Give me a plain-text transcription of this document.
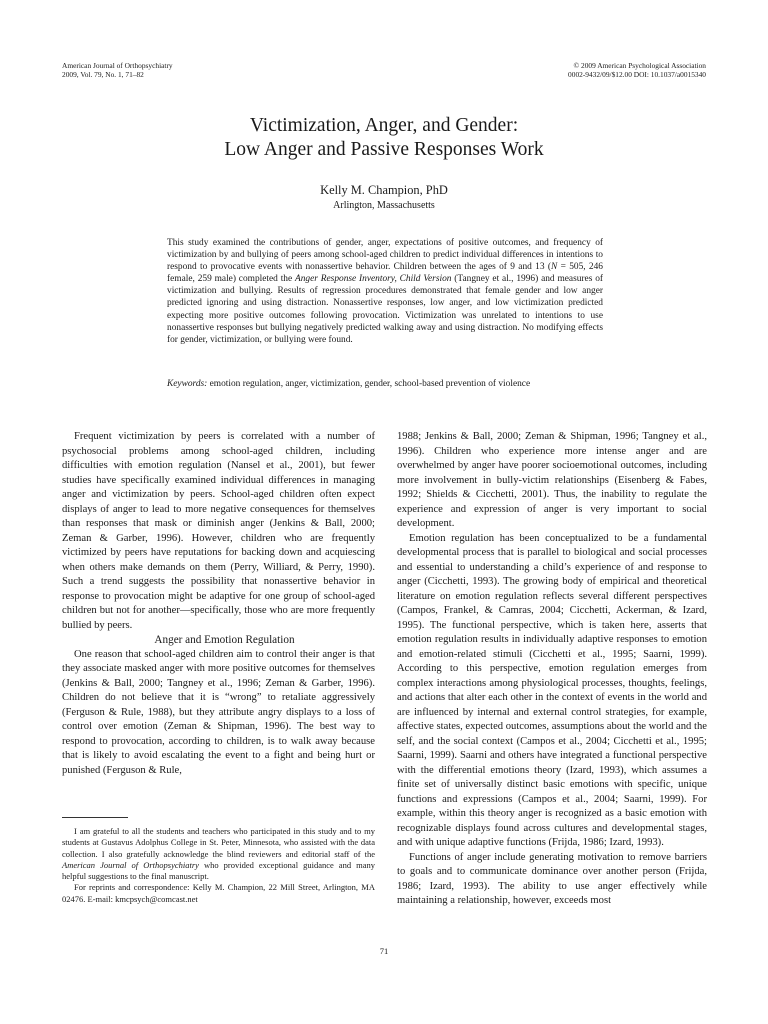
American Journal of Orthopsychiatry
2009, Vol. 79, No. 1, 71–82
© 2009 American Psychological Association
0002-9432/09/$12.00 DOI: 10.1037/a0015340
Victimization, Anger, and Gender:
Low Anger and Passive Responses Work
Kelly M. Champion, PhD
Arlington, Massachusetts
This study examined the contributions of gender, anger, expectations of positive outcomes, and frequency of victimization by and bullying of peers among school-aged children to predict individual differences in intentions to respond to provocative events with nonassertive behavior. Children between the ages of 9 and 13 (N = 505, 246 female, 259 male) completed the Anger Response Inventory, Child Version (Tangney et al., 1996) and measures of victimization and bullying. Results of regression procedures demonstrated that female gender and low anger predicted ignoring and using distraction. Nonassertive responses, low anger, and low victimization predicted expecting more positive outcomes following provocation. Victimization was unrelated to intentions to use nonassertive responses but bullying negatively predicted walking away and using distraction. No modifying effects for gender, victimization, or bullying were found.
Keywords: emotion regulation, anger, victimization, gender, school-based prevention of violence

Frequent victimization by peers is correlated with a number of psychosocial problems among school-aged children, including difficulties with emotion regulation (Nansel et al., 2001), but fewer studies have specifically examined individual differences in managing anger and victimization by peers. School-aged children often expect displays of anger to lead to more negative consequences for themselves than responses that mask or diminish anger (Jenkins & Ball, 2000; Zeman & Garber, 1996). However, children who are frequently victimized by peers have reputations for backing down and acquiescing when others make demands on them (Perry, Williard, & Perry, 1990). Such a trend suggests the possibility that nonassertive behavior in response to provocation might be adaptive for one group of school-aged children but not for another—specifically, those who are more frequently bullied by peers.

Anger and Emotion Regulation

One reason that school-aged children aim to control their anger is that they associate masked anger with more positive outcomes for themselves (Jenkins & Ball, 2000; Tangney et al., 1996; Zeman & Garber, 1996). Children do not believe that it is “wrong” to retaliate aggressively (Ferguson & Rule, 1988), but they attribute angry displays to a loss of control over emotion (Zeman & Shipman, 1996). The best way to respond to provocation, according to children, is to walk away because that is likely to avoid escalating the event to a fight and being hurt or punished (Ferguson & Rule,

1988; Jenkins & Ball, 2000; Zeman & Shipman, 1996; Tangney et al., 1996). Children who experience more intense anger and are overwhelmed by anger have poorer socioemotional outcomes, including more involvement in bully-victim relationships (Eisenberg & Fabes, 1992; Shields & Cicchetti, 2001). Thus, the inability to regulate the experience and expression of anger is very important to social development.

Emotion regulation has been conceptualized to be a fundamental developmental process that is parallel to biological and social processes and essential to understanding a child’s experience of and response to anger (Cicchetti, 1993). The growing body of empirical and theoretical literature on emotion regulation reflects several different perspectives (Campos, Frankel, & Camras, 2004; Cicchetti, Ackerman, & Izard, 1995). The functional perspective, which is taken here, asserts that emotion regulation results in individually adaptive responses to emotion and emotion-related stimuli (Cicchetti et al., 1995; Saarni, 1999). According to this perspective, emotion regulation emerges from complex interactions among physiological processes, thoughts, feelings, and actions that alter each other in the context of events in the world and are influenced by internal and external control strategies, for example, affective states, expected outcomes, assumptions about the world and the self, and the social context (Campos et al., 2004; Cicchetti et al., 1995; Saarni, 1999). Saarni and others have integrated a functional perspective with the differential emotions theory (Izard, 1993), which assumes a finite set of universally distinct basic emotions with specific, unique functions and expressions (Campos et al., 2004; Saarni, 1999). For example, within this theory anger is recognized as a basic emotion with recognizable displays found across cultures and developmental stages, and with unique adaptive functions (Frijda, 1986; Izard, 1993).

Functions of anger include generating motivation to remove barriers to goals and to communicate dominance over another person (Frijda, 1986; Izard, 1993). The ability to use anger effectively while maintaining a relationship, however, exceeds most

I am grateful to all the students and teachers who participated in this study and to my students at Gustavus Adolphus College in St. Peter, Minnesota, who assisted with the data collection. I also gratefully acknowledge the blind reviewers and editorial staff of the American Journal of Orthopsychiatry who provided exceptional guidance and many helpful suggestions to the final manuscript.

For reprints and correspondence: Kelly M. Champion, 22 Mill Street, Arlington, MA 02476. E-mail: kmcpsych@comcast.net

71
